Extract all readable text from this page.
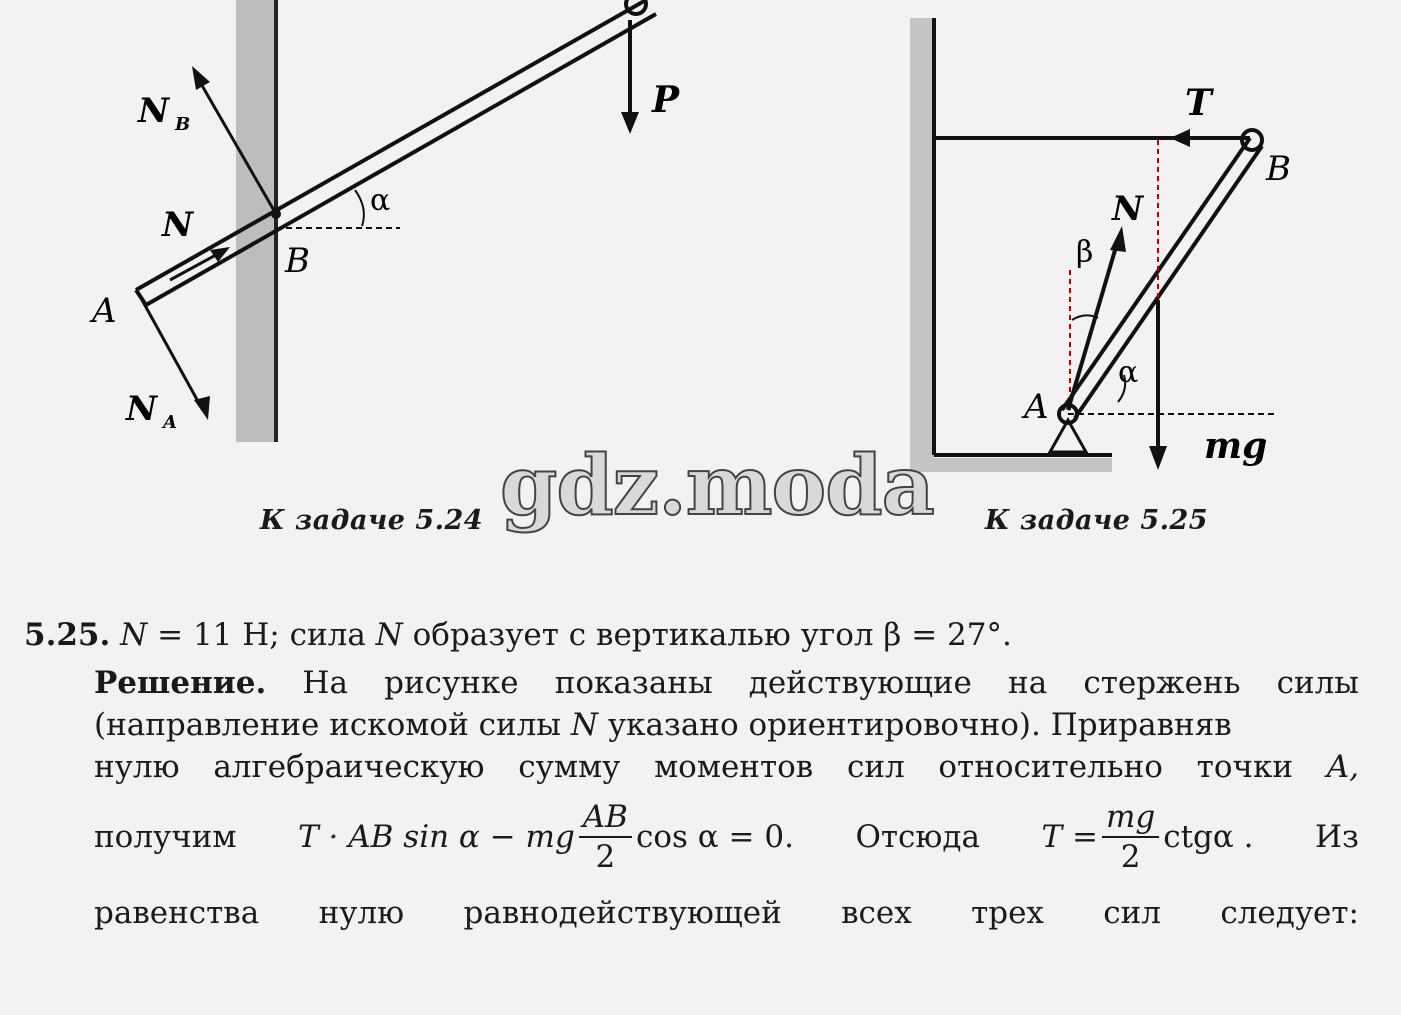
N B
N
B
A
N A
P
α
К задаче 5.24
T
B
N
β
α
A
mg
К задаче 5.25
gdz.moda
5.25. N = 11 Н; сила N образует с вертикалью угол β = 27°.
Решение. На рисунке показаны действующие на стержень силы
(направление искомой силы N указано ориентировочно). Приравняв
нулю алгебраическую сумму моментов сил относительно точки A,
получим T · AB sin α − mg $\frac{AB}{2}$ cos α = 0. Отсюда $T = \frac{mg}{2}$ ctgα . Из
равенства нулю равнодействующей всех трех сил следует:
